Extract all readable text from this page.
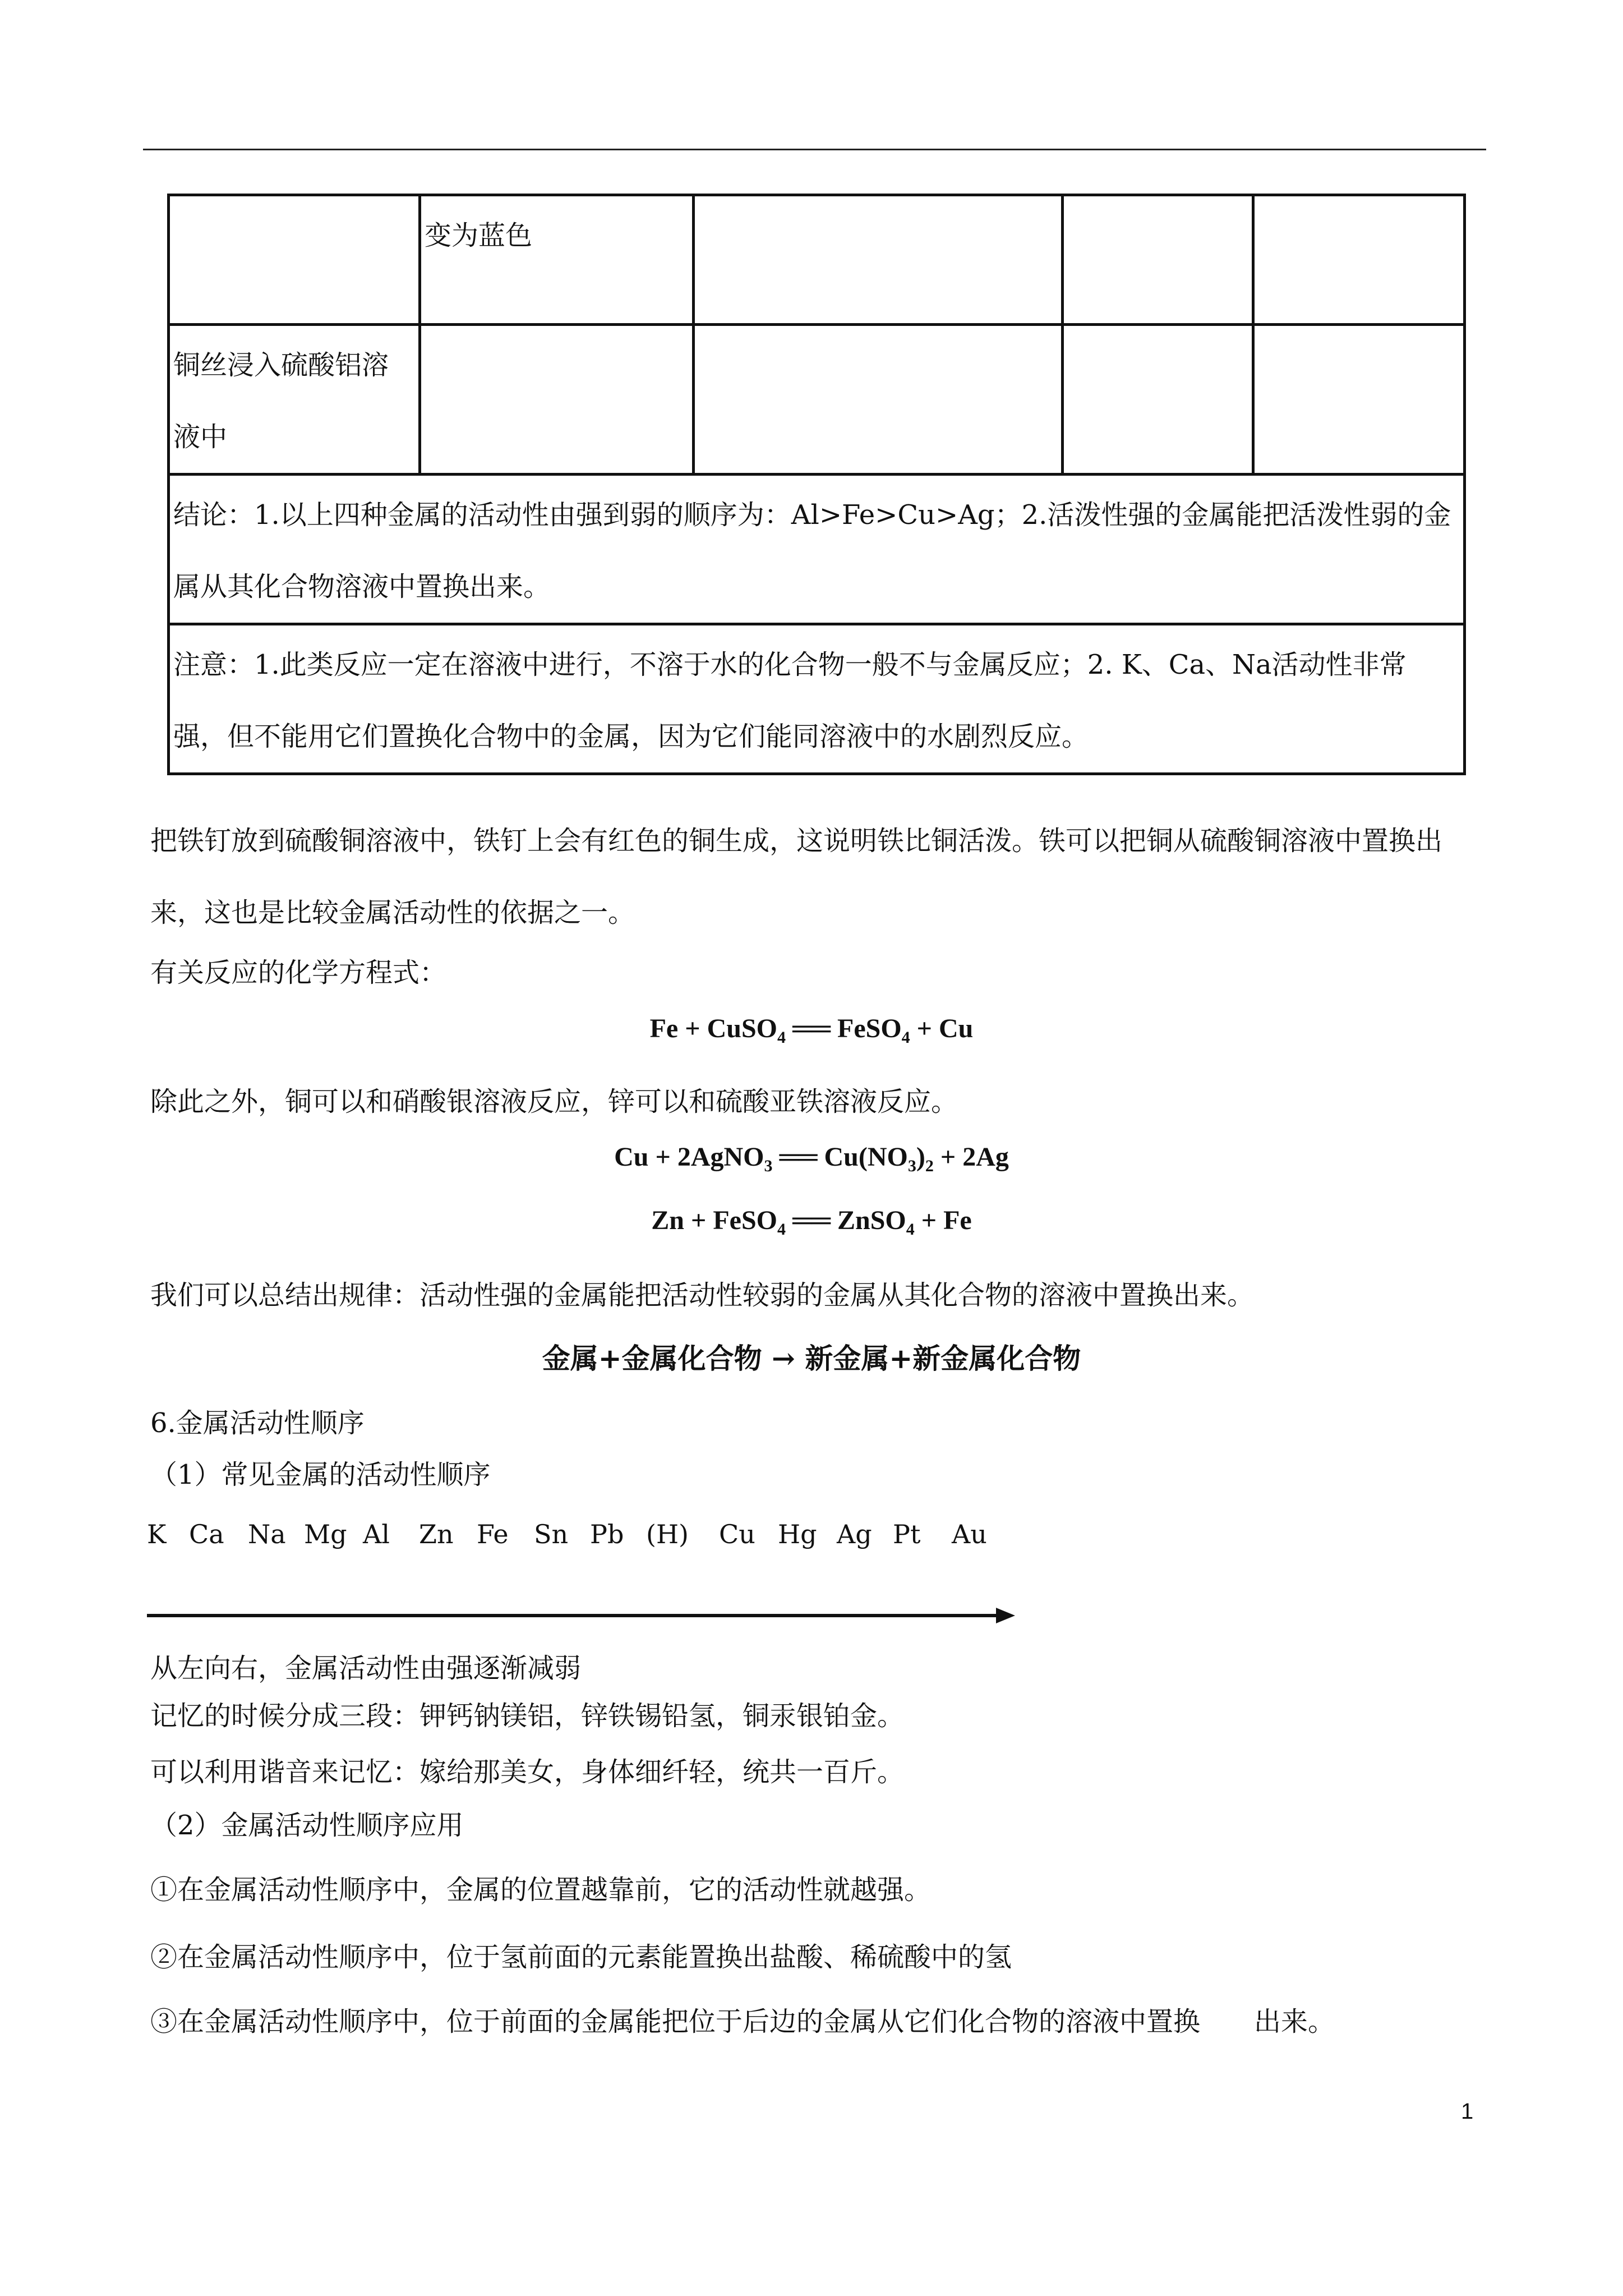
	变为蓝色			
铜丝浸入硫酸铝溶液中				
结论：1.以上四种金属的活动性由强到弱的顺序为：Al>Fe>Cu>Ag；2.活泼性强的金属能把活泼性弱的金属从其化合物溶液中置换出来。				
注意：1.此类反应一定在溶液中进行，不溶于水的化合物一般不与金属反应；2. K、Ca、Na活动性非常强，但不能用它们置换化合物中的金属，因为它们能同溶液中的水剧烈反应。				
把铁钉放到硫酸铜溶液中，铁钉上会有红色的铜生成，这说明铁比铜活泼。铁可以把铜从硫酸铜溶液中置换出来，这也是比较金属活动性的依据之一。
有关反应的化学方程式：
Fe + CuSO$_4$ ══ FeSO$_4$ + Cu
除此之外，铜可以和硝酸银溶液反应，锌可以和硫酸亚铁溶液反应。
Cu + 2AgNO$_3$ ══ $Cu(NO_3)_2 + 2Ag$
Zn + FeSO$_4$ ══ ZnSO$_4$ + Fe
我们可以总结出规律：活动性强的金属能把活动性较弱的金属从其化合物的溶液中置换出来。
金属+金属化合物 → 新金属+新金属化合物
6.金属活动性顺序
（1）常见金属的活动性顺序
K Ca Na Mg Al Zn Fe Sn Pb (H) Cu Hg Ag Pt Au
从左向右，金属活动性由强逐渐减弱
记忆的时候分成三段：钾钙钠镁铝，锌铁锡铅氢，铜汞银铂金。
可以利用谐音来记忆：嫁给那美女，身体细纤轻，统共一百斤。
（2）金属活动性顺序应用
①在金属活动性顺序中，金属的位置越靠前，它的活动性就越强。
②在金属活动性顺序中，位于氢前面的元素能置换出盐酸、稀硫酸中的氢
③在金属活动性顺序中，位于前面的金属能把位于后边的金属从它们化合物的溶液中置换　　出来。
1
